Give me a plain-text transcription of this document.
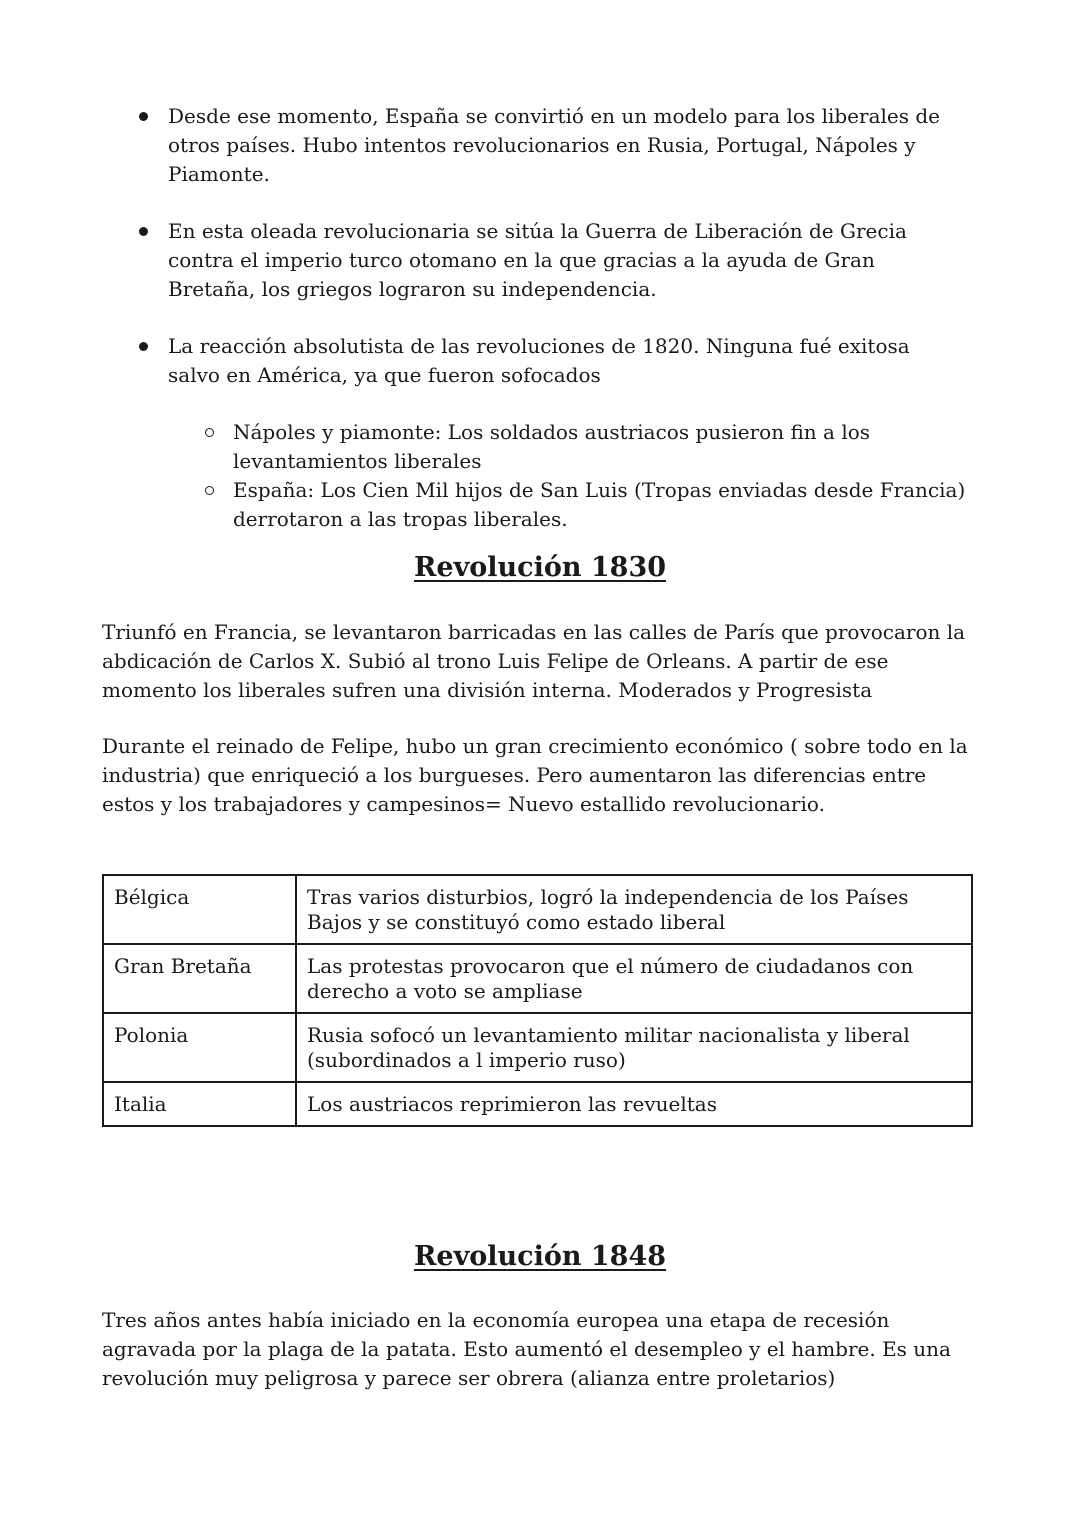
Desde ese momento, España se convirtió en un modelo para los liberales de otros países. Hubo intentos revolucionarios en Rusia, Portugal, Nápoles y Piamonte.
En esta oleada revolucionaria se sitúa la Guerra de Liberación de Grecia contra el imperio turco otomano en la que gracias a la ayuda de Gran Bretaña, los griegos lograron su independencia.
La reacción absolutista de las revoluciones de 1820. Ninguna fué exitosa salvo en América, ya que fueron sofocados
Nápoles y piamonte: Los soldados austriacos pusieron fin a los levantamientos liberales
España: Los Cien Mil hijos de San Luis (Tropas enviadas desde Francia) derrotaron a las tropas liberales.
Revolución 1830

Triunfó en Francia, se levantaron barricadas en las calles de París que provocaron la abdicación de Carlos X. Subió al trono Luis Felipe de Orleans. A partir de ese momento los liberales sufren una división interna. Moderados y Progresista

Durante el reinado de Felipe, hubo un gran crecimiento económico ( sobre todo en la industria) que enriqueció a los burgueses. Pero aumentaron las diferencias entre estos y los trabajadores y campesinos= Nuevo estallido revolucionario.

Bélgica	Tras varios disturbios, logró la independencia de los Países Bajos y se constituyó como estado liberal
Gran Bretaña	Las protestas provocaron que el número de ciudadanos con derecho a voto se ampliase
Polonia	Rusia sofocó un levantamiento militar nacionalista y liberal (subordinados a l imperio ruso)
Italia	Los austriacos reprimieron las revueltas
Revolución 1848

Tres años antes había iniciado en la economía europea una etapa de recesión agravada por la plaga de la patata. Esto aumentó el desempleo y el hambre. Es una revolución muy peligrosa y parece ser obrera (alianza entre proletarios)
